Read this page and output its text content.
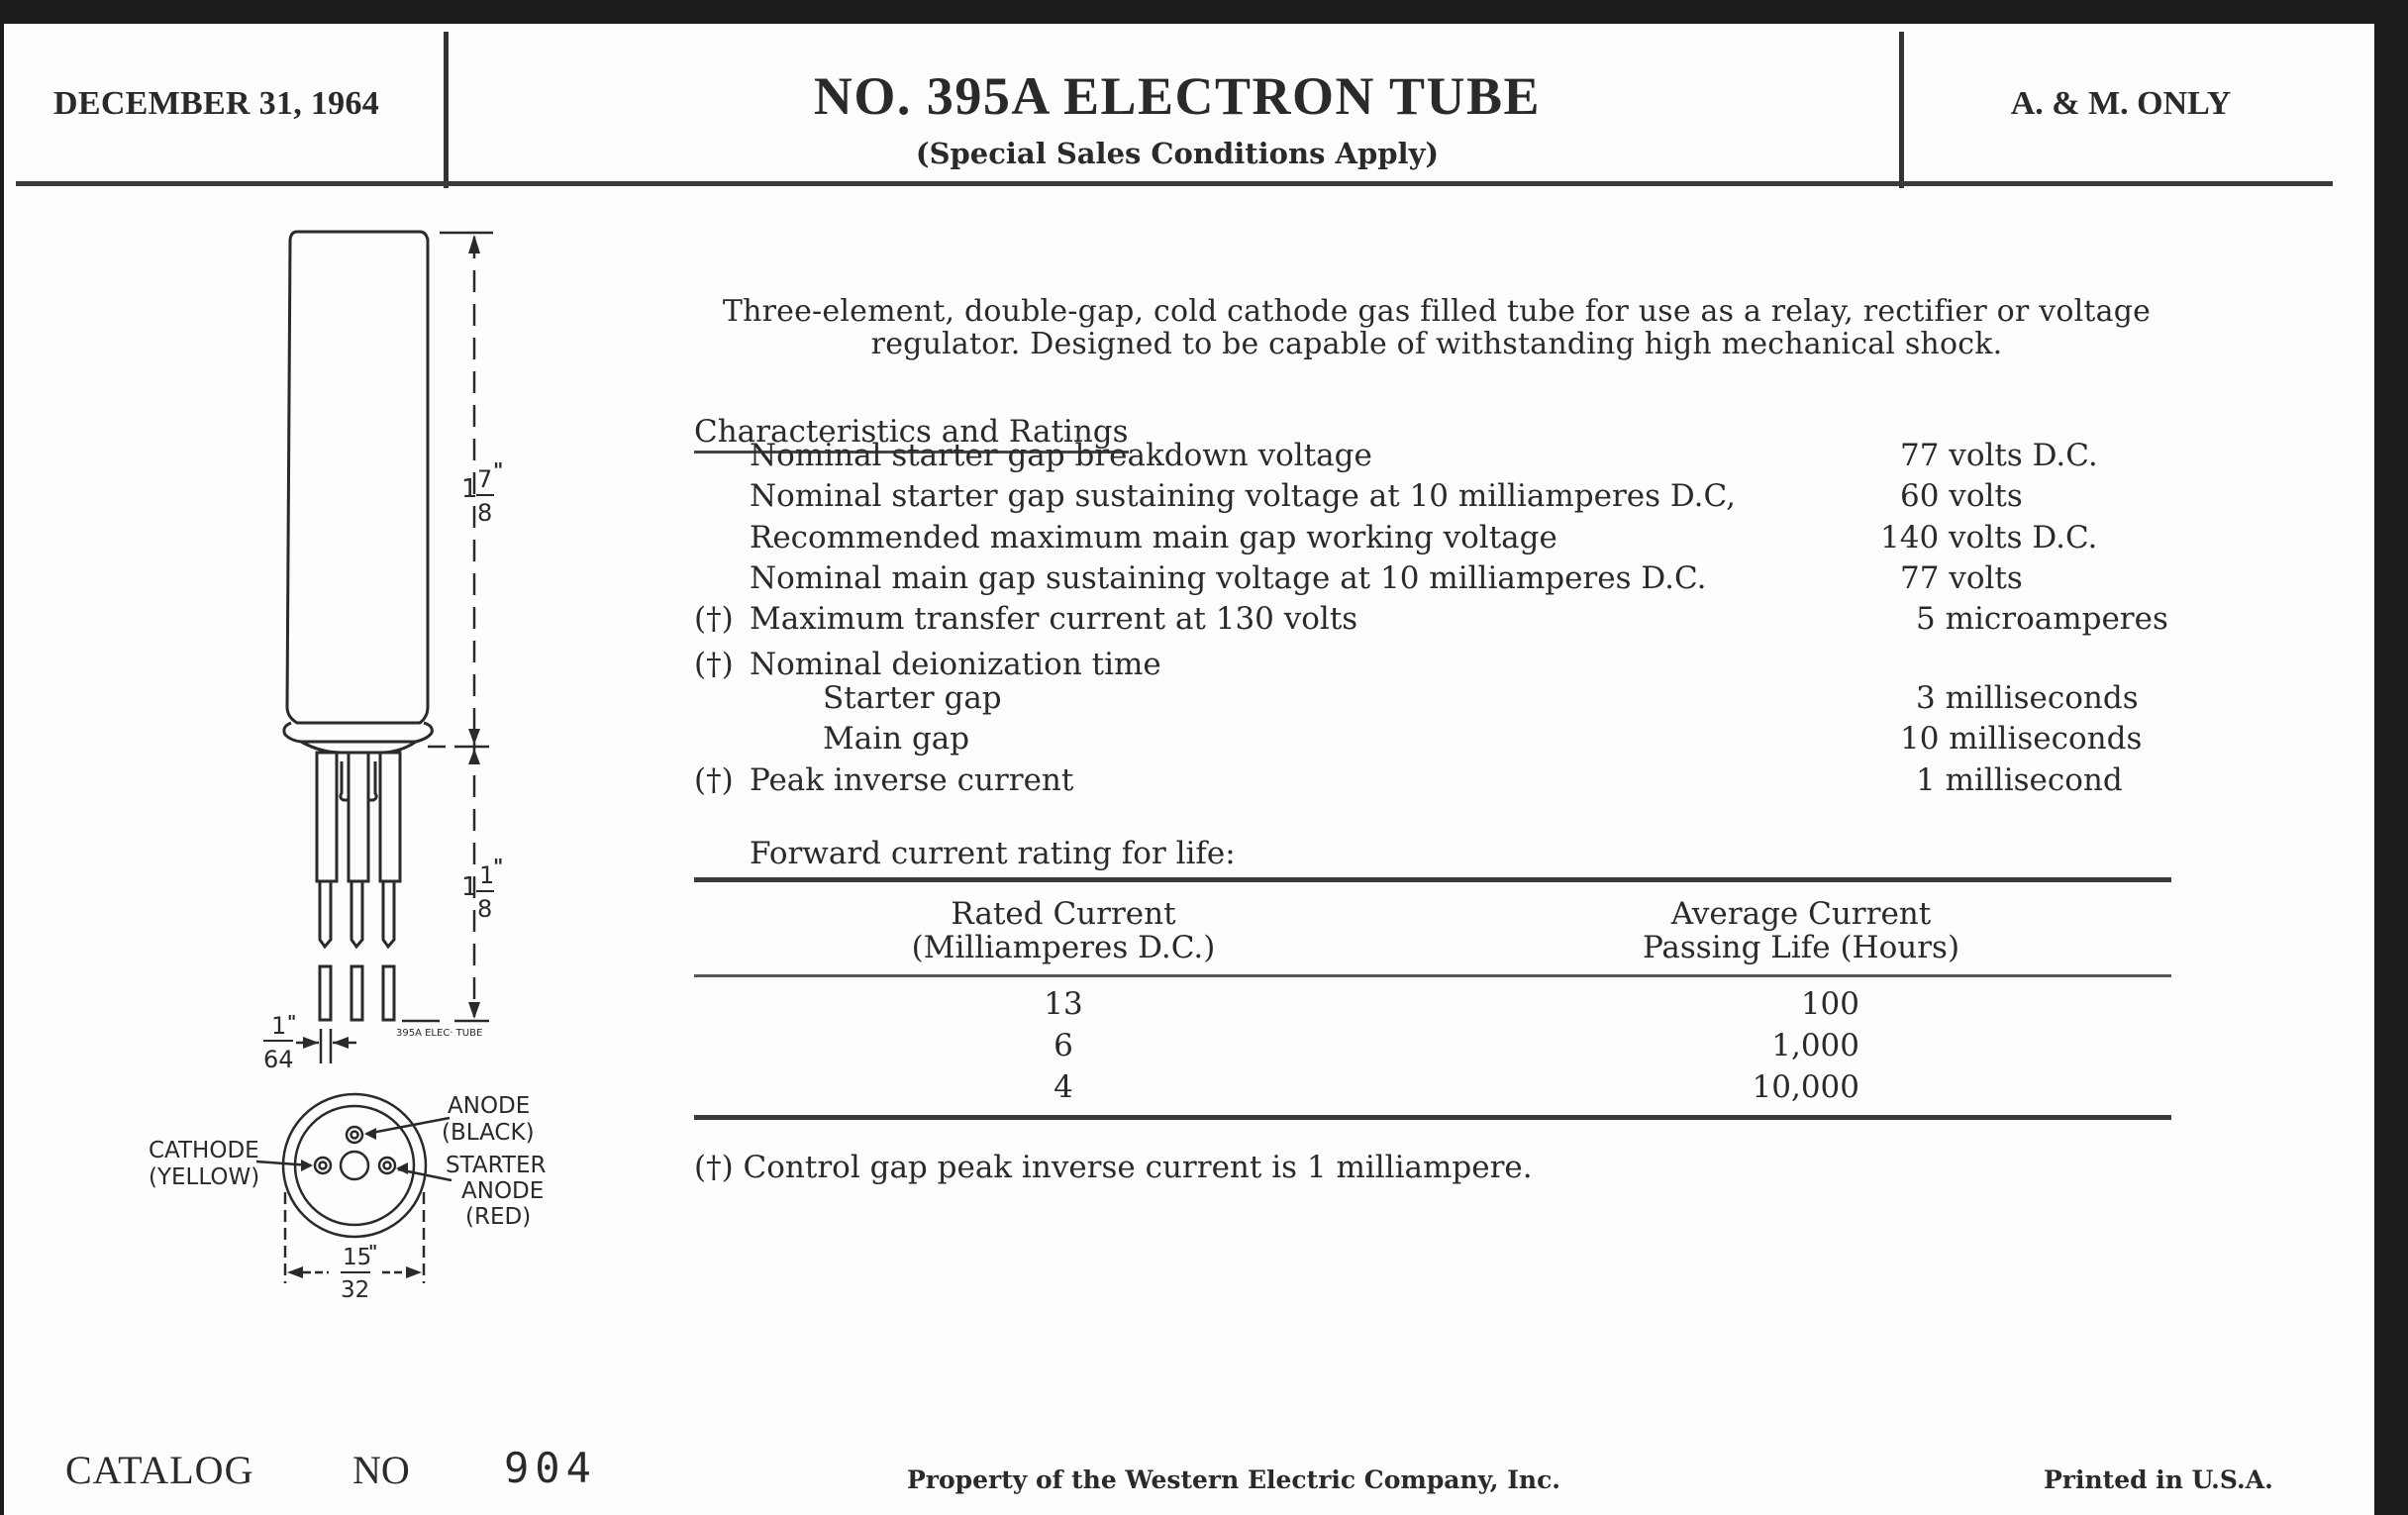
DECEMBER 31, 1964	NO. 395A ELECTRON TUBE
(Special Sales Conditions Apply)
A. & M. ONLY
Three-element, double-gap, cold cathode gas filled tube for use as a relay, rectifier or voltage regulator. Designed to be capable of withstanding high mechanical shock.
Characteristics and Ratings
Nominal starter gap breakdown voltage	77 volts D.C.
Nominal starter gap sustaining voltage at 10 milliamperes D.C,	60 volts
Recommended maximum main gap working voltage	140 volts D.C.
Nominal main gap sustaining voltage at 10 milliamperes D.C.	77 volts
(†) Maximum transfer current at 130 volts	5 microamperes
(†) Nominal deionization time
Starter gap	3 milliseconds
Main gap	10 milliseconds
(†) Peak inverse current	1 millisecond
Forward current rating for life:
Rated Current
(Milliamperes D.C.)
Average Current
Passing Life (Hours)
13	100
6	1,000
4	10,000
(†) Control gap peak inverse current is 1 milliampere.
1 7
8
"
1 1
8
"
395A ELEC· TUBE
1 "
64
ANODE
(BLACK)
CATHODE
(YELLOW)	STARTER
ANODE
(RED)
15
"
32
CATALOG NO 904	Property of the Western Electric Company, Inc.	Printed in U.S.A.
